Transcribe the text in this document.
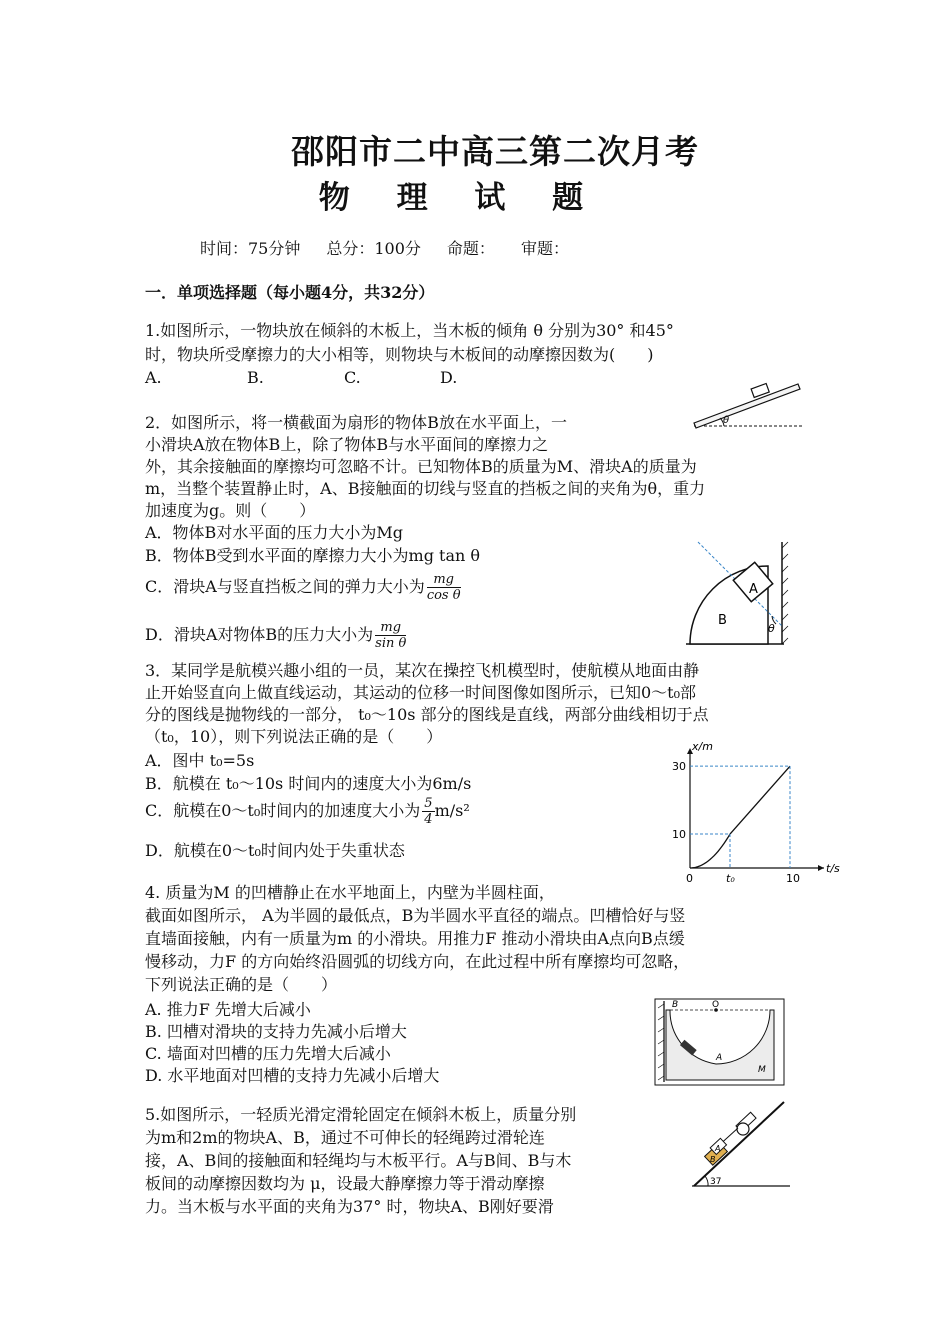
邵阳市二中高三第二次月考
物 理 试 题
时间：75分钟 总分：100分 命题： 审题：
一．单项选择题（每小题4分，共32分）
1.如图所示，一物块放在倾斜的木板上，当木板的倾角 θ 分别为30° 和45°
时，物块所受摩擦力的大小相等，则物块与木板间的动摩擦因数为(　　)
A.	B.	C.	D.
θ
2．如图所示，将一横截面为扇形的物体B放在水平面上，一
小滑块A放在物体B上，除了物体B与水平面间的摩擦力之
外，其余接触面的摩擦均可忽略不计。已知物体B的质量为M、滑块A的质量为
m，当整个装置静止时，A、B接触面的切线与竖直的挡板之间的夹角为θ，重力
加速度为g。则（　　）
A．物体B对水平面的压力大小为Mg
B．物体B受到水平面的摩擦力大小为mg tan θ
C．滑块A与竖直挡板之间的弹力大小为 $\frac{mg}{\text{cos θ}}$
D．滑块A对物体B的压力大小为 $\frac{mg}{\text{sin θ}}$
A
B
θ
3．某同学是航模兴趣小组的一员，某次在操控飞机模型时，使航模从地面由静
止开始竖直向上做直线运动，其运动的位移一时间图像如图所示，已知0～t₀部
分的图线是抛物线的一部分， t₀～10s 部分的图线是直线，两部分曲线相切于点
（t₀，10），则下列说法正确的是（　　）
A．图中 t₀=5s
B．航模在 t₀～10s 时间内的速度大小为6m/s
C．航模在0～t₀时间内的加速度大小为 $\frac{5}{4} m/s^2$
D．航模在0～t₀时间内处于失重状态
t/s
x/m
0	t₀	10
10
30
4. 质量为M 的凹槽静止在水平地面上，内壁为半圆柱面，
截面如图所示， A为半圆的最低点，B为半圆水平直径的端点。凹槽恰好与竖
直墙面接触，内有一质量为m 的小滑块。用推力F 推动小滑块由A点向B点缓
慢移动，力F 的方向始终沿圆弧的切线方向，在此过程中所有摩擦均可忽略，
下列说法正确的是（　　）
A. 推力F 先增大后减小
B. 凹槽对滑块的支持力先减小后增大
C. 墙面对凹槽的压力先增大后减小
D. 水平地面对凹槽的支持力先减小后增大
B	O
A
M
5.如图所示，一轻质光滑定滑轮固定在倾斜木板上，质量分别
为m和2m的物块A、B，通过不可伸长的轻绳跨过滑轮连
接，A、B间的接触面和轻绳均与木板平行。A与B间、B与木
板间的动摩擦因数均为 μ，设最大静摩擦力等于滑动摩擦
力。当木板与水平面的夹角为37° 时，物块A、B刚好要滑
B
A
37
